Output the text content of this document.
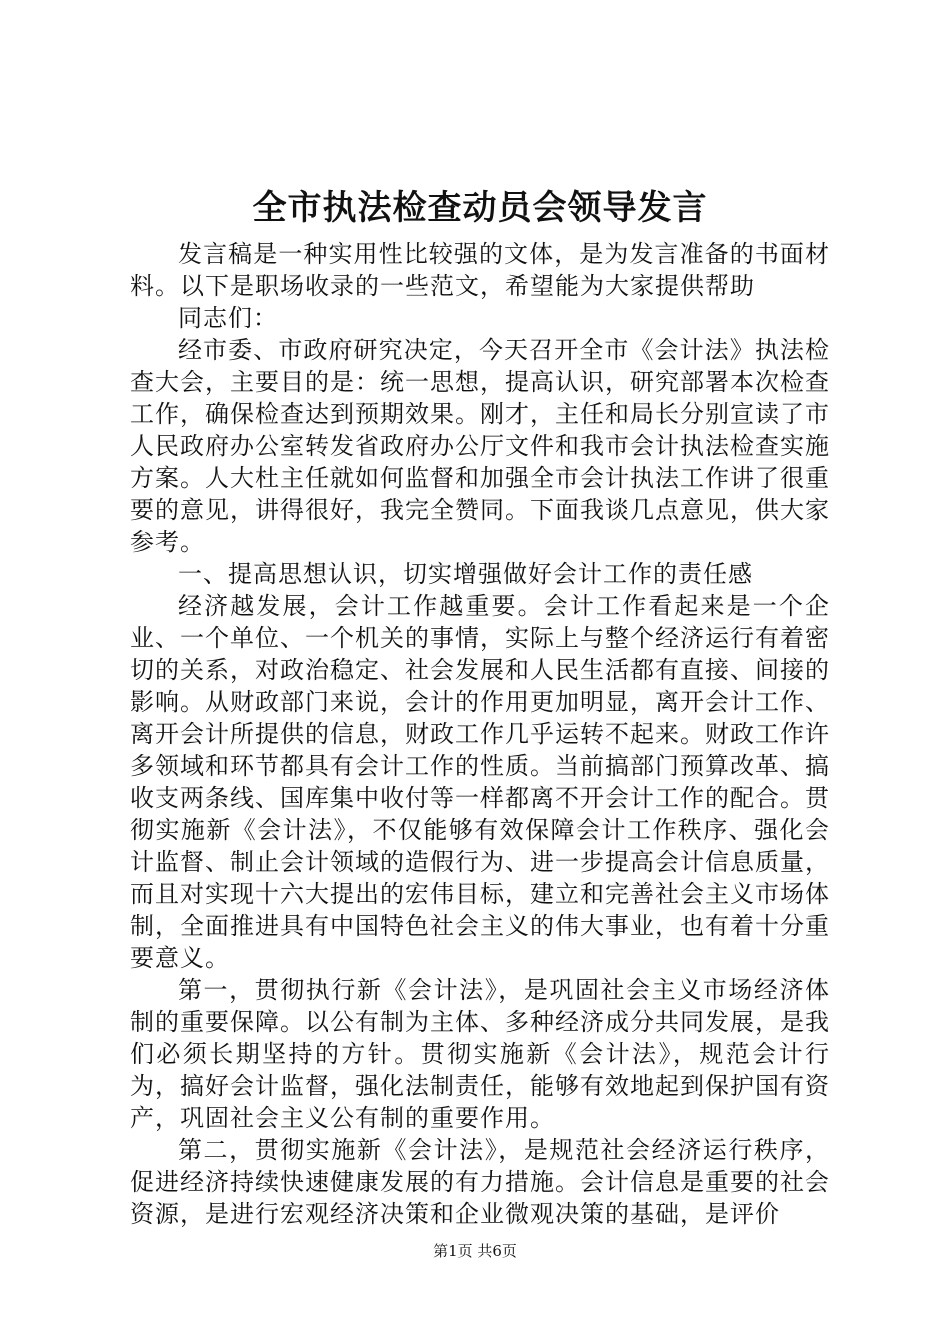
全市执法检查动员会领导发言

发言稿是一种实用性比较强的文体，是为发言准备的书面材料。以下是职场收录的一些范文，希望能为大家提供帮助

同志们：

经市委、市政府研究决定，今天召开全市《会计法》执法检查大会，主要目的是：统一思想，提高认识，研究部署本次检查工作，确保检查达到预期效果。刚才，主任和局长分别宣读了市人民政府办公室转发省政府办公厅文件和我市会计执法检查实施方案。人大杜主任就如何监督和加强全市会计执法工作讲了很重要的意见，讲得很好，我完全赞同。下面我谈几点意见，供大家参考。

一、提高思想认识，切实增强做好会计工作的责任感

经济越发展，会计工作越重要。会计工作看起来是一个企业、一个单位、一个机关的事情，实际上与整个经济运行有着密切的关系，对政治稳定、社会发展和人民生活都有直接、间接的影响。从财政部门来说，会计的作用更加明显，离开会计工作、离开会计所提供的信息，财政工作几乎运转不起来。财政工作许多领域和环节都具有会计工作的性质。当前搞部门预算改革、搞收支两条线、国库集中收付等一样都离不开会计工作的配合。贯彻实施新《会计法》，不仅能够有效保障会计工作秩序、强化会计监督、制止会计领域的造假行为、进一步提高会计信息质量，而且对实现十六大提出的宏伟目标，建立和完善社会主义市场体制，全面推进具有中国特色社会主义的伟大事业，也有着十分重要意义。

第一，贯彻执行新《会计法》，是巩固社会主义市场经济体制的重要保障。以公有制为主体、多种经济成分共同发展，是我们必须长期坚持的方针。贯彻实施新《会计法》，规范会计行为，搞好会计监督，强化法制责任，能够有效地起到保护国有资产，巩固社会主义公有制的重要作用。

第二，贯彻实施新《会计法》，是规范社会经济运行秩序，促进经济持续快速健康发展的有力措施。会计信息是重要的社会资源，是进行宏观经济决策和企业微观决策的基础，是评价

第1页 共6页
